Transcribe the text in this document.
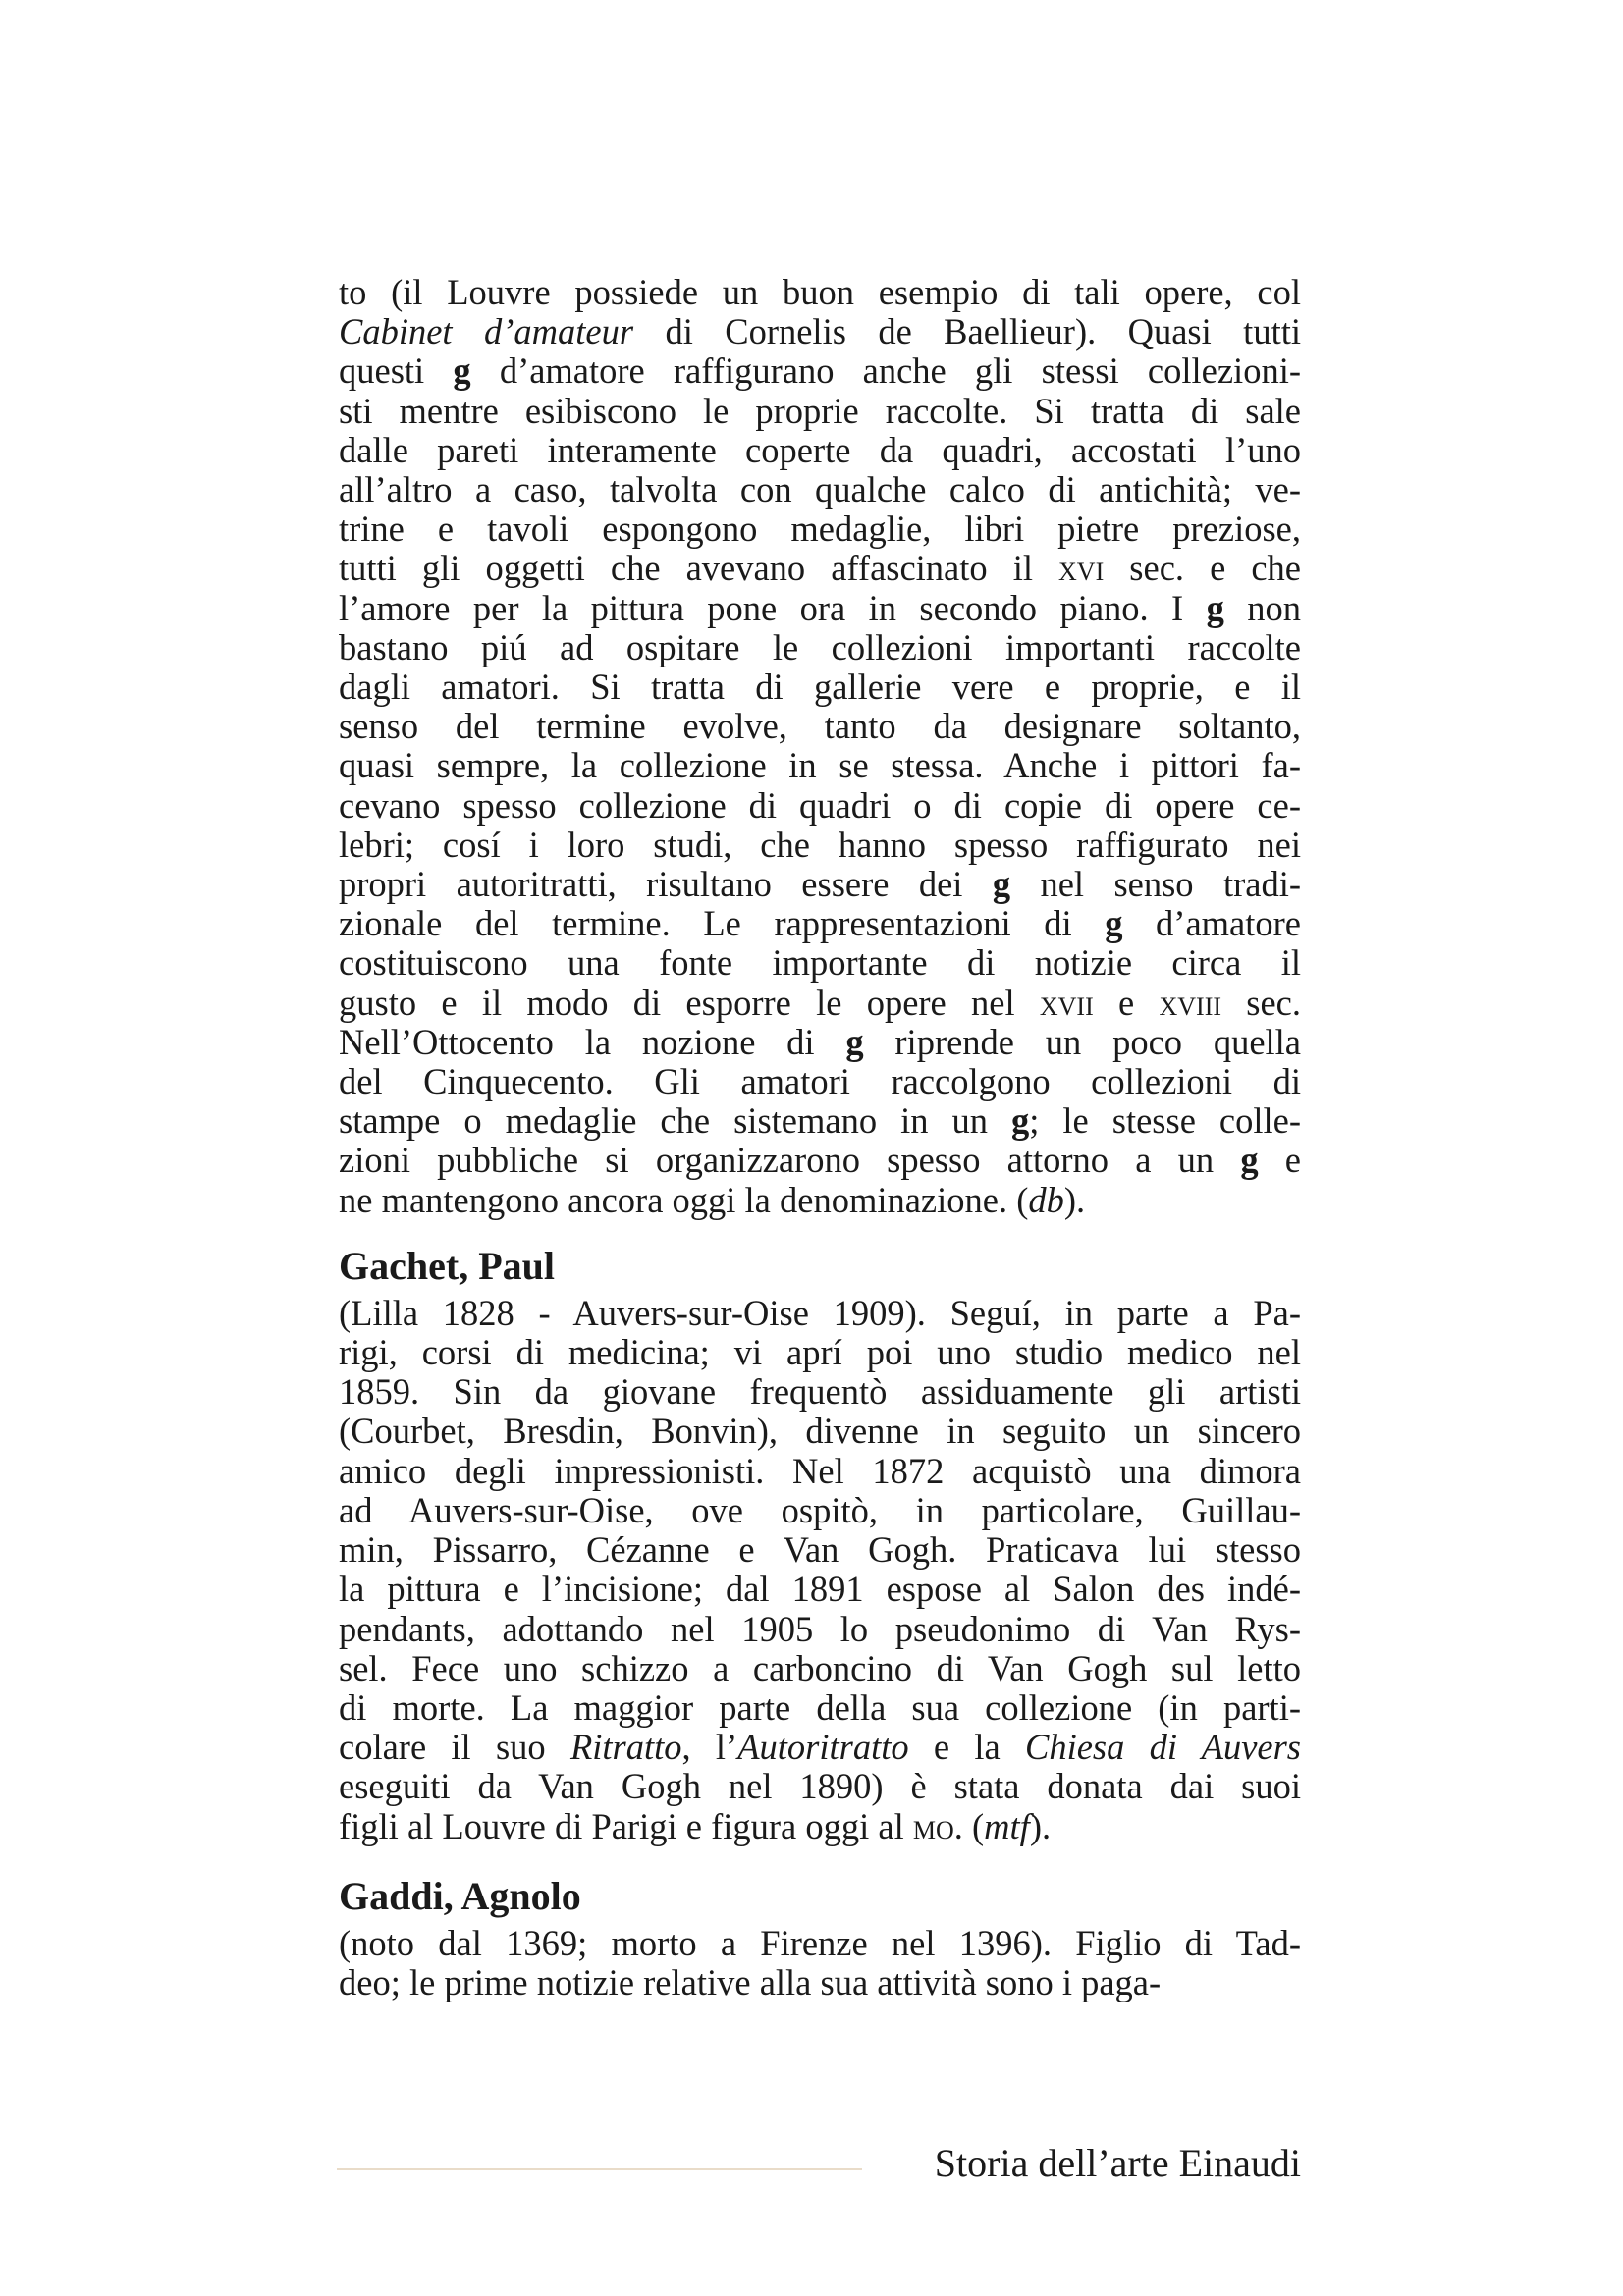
to (il Louvre possiede un buon esempio di tali opere, col
Cabinet d’amateur di Cornelis de Baellieur). Quasi tutti
questi g d’amatore raffigurano anche gli stessi collezioni-
sti mentre esibiscono le proprie raccolte. Si tratta di sale
dalle pareti interamente coperte da quadri, accostati l’uno
all’altro a caso, talvolta con qualche calco di antichità; ve-
trine e tavoli espongono medaglie, libri pietre preziose,
tutti gli oggetti che avevano affascinato il xvi sec. e che
l’amore per la pittura pone ora in secondo piano. I g non
bastano piú ad ospitare le collezioni importanti raccolte
dagli amatori. Si tratta di gallerie vere e proprie, e il
senso del termine evolve, tanto da designare soltanto,
quasi sempre, la collezione in se stessa. Anche i pittori fa-
cevano spesso collezione di quadri o di copie di opere ce-
lebri; cosí i loro studi, che hanno spesso raffigurato nei
propri autoritratti, risultano essere dei g nel senso tradi-
zionale del termine. Le rappresentazioni di g d’amatore
costituiscono una fonte importante di notizie circa il
gusto e il modo di esporre le opere nel xvii e xviii sec.
Nell’Ottocento la nozione di g riprende un poco quella
del Cinquecento. Gli amatori raccolgono collezioni di
stampe o medaglie che sistemano in un g; le stesse colle-
zioni pubbliche si organizzarono spesso attorno a un g e
ne mantengono ancora oggi la denominazione. (db).

Gachet, Paul

(Lilla 1828 - Auvers-sur-Oise 1909). Seguí, in parte a Pa-
rigi, corsi di medicina; vi aprí poi uno studio medico nel
1859. Sin da giovane frequentò assiduamente gli artisti
(Courbet, Bresdin, Bonvin), divenne in seguito un sincero
amico degli impressionisti. Nel 1872 acquistò una dimora
ad Auvers-sur-Oise, ove ospitò, in particolare, Guillau-
min, Pissarro, Cézanne e Van Gogh. Praticava lui stesso
la pittura e l’incisione; dal 1891 espose al Salon des indé-
pendants, adottando nel 1905 lo pseudonimo di Van Rys-
sel. Fece uno schizzo a carboncino di Van Gogh sul letto
di morte. La maggior parte della sua collezione (in parti-
colare il suo Ritratto, l’Autoritratto e la Chiesa di Auvers
eseguiti da Van Gogh nel 1890) è stata donata dai suoi
figli al Louvre di Parigi e figura oggi al mo. (mtf).

Gaddi, Agnolo

(noto dal 1369; morto a Firenze nel 1396). Figlio di Tad-
deo; le prime notizie relative alla sua attività sono i paga-

Storia dell’arte Einaudi
